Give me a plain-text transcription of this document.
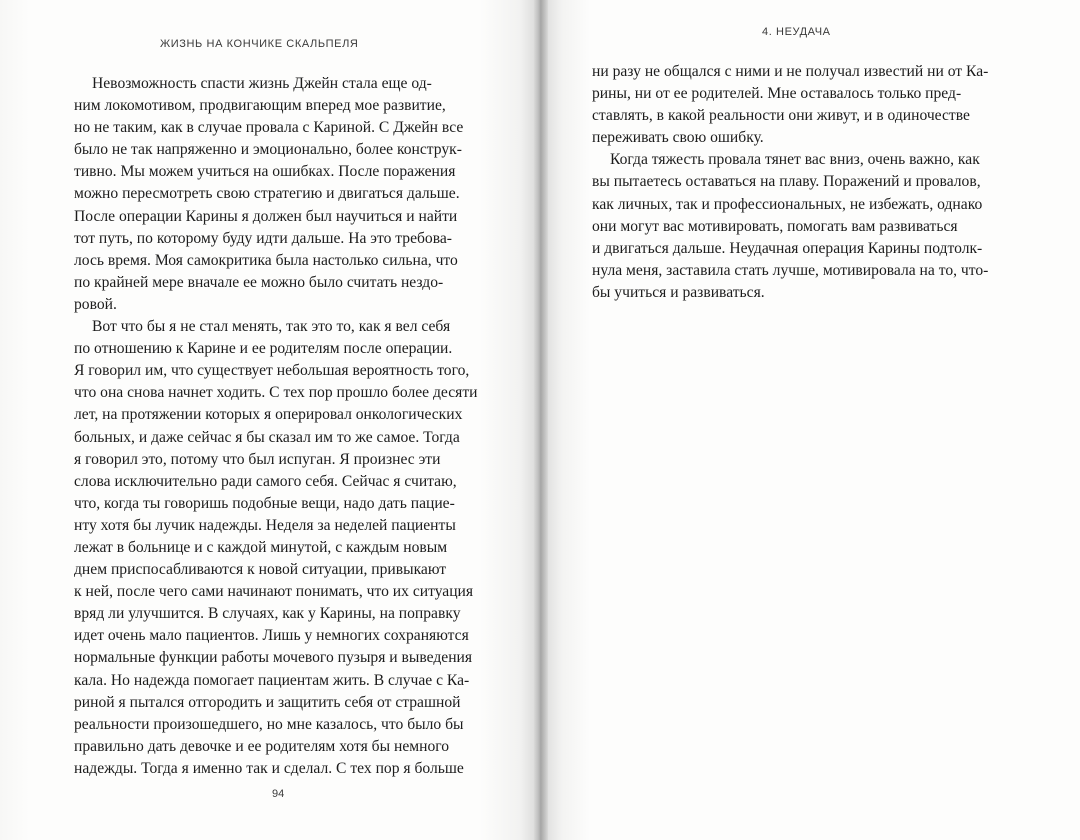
ЖИЗНЬ НА КОНЧИКЕ СКАЛЬПЕЛЯ
Невозможность спасти жизнь Джейн стала еще од-
ним локомотивом, продвигающим вперед мое развитие,
но не таким, как в случае провала с Кариной. С Джейн все
было не так напряженно и эмоционально, более конструк-
тивно. Мы можем учиться на ошибках. После поражения
можно пересмотреть свою стратегию и двигаться дальше.
После операции Карины я должен был научиться и найти
тот путь, по которому буду идти дальше. На это требова-
лось время. Моя самокритика была настолько сильна, что
по крайней мере вначале ее можно было считать нездо-
ровой.
Вот что бы я не стал менять, так это то, как я вел себя
по отношению к Карине и ее родителям после операции.
Я говорил им, что существует небольшая вероятность того,
что она снова начнет ходить. С тех пор прошло более десяти
лет, на протяжении которых я оперировал онкологических
больных, и даже сейчас я бы сказал им то же самое. Тогда
я говорил это, потому что был испуган. Я произнес эти
слова исключительно ради самого себя. Сейчас я считаю,
что, когда ты говоришь подобные вещи, надо дать пацие-
нту хотя бы лучик надежды. Неделя за неделей пациенты
лежат в больнице и с каждой минутой, с каждым новым
днем приспосабливаются к новой ситуации, привыкают
к ней, после чего сами начинают понимать, что их ситуация
вряд ли улучшится. В случаях, как у Карины, на поправку
идет очень мало пациентов. Лишь у немногих сохраняются
нормальные функции работы мочевого пузыря и выведения
кала. Но надежда помогает пациентам жить. В случае с Ка-
риной я пытался отгородить и защитить себя от страшной
реальности произошедшего, но мне казалось, что было бы
правильно дать девочке и ее родителям хотя бы немного
надежды. Тогда я именно так и сделал. С тех пор я больше
94
4. НЕУДАЧА
ни разу не общался с ними и не получал известий ни от Ка-
рины, ни от ее родителей. Мне оставалось только пред-
ставлять, в какой реальности они живут, и в одиночестве
переживать свою ошибку.
Когда тяжесть провала тянет вас вниз, очень важно, как
вы пытаетесь оставаться на плаву. Поражений и провалов,
как личных, так и профессиональных, не избежать, однако
они могут вас мотивировать, помогать вам развиваться
и двигаться дальше. Неудачная операция Карины подтолк-
нула меня, заставила стать лучше, мотивировала на то, что-
бы учиться и развиваться.
